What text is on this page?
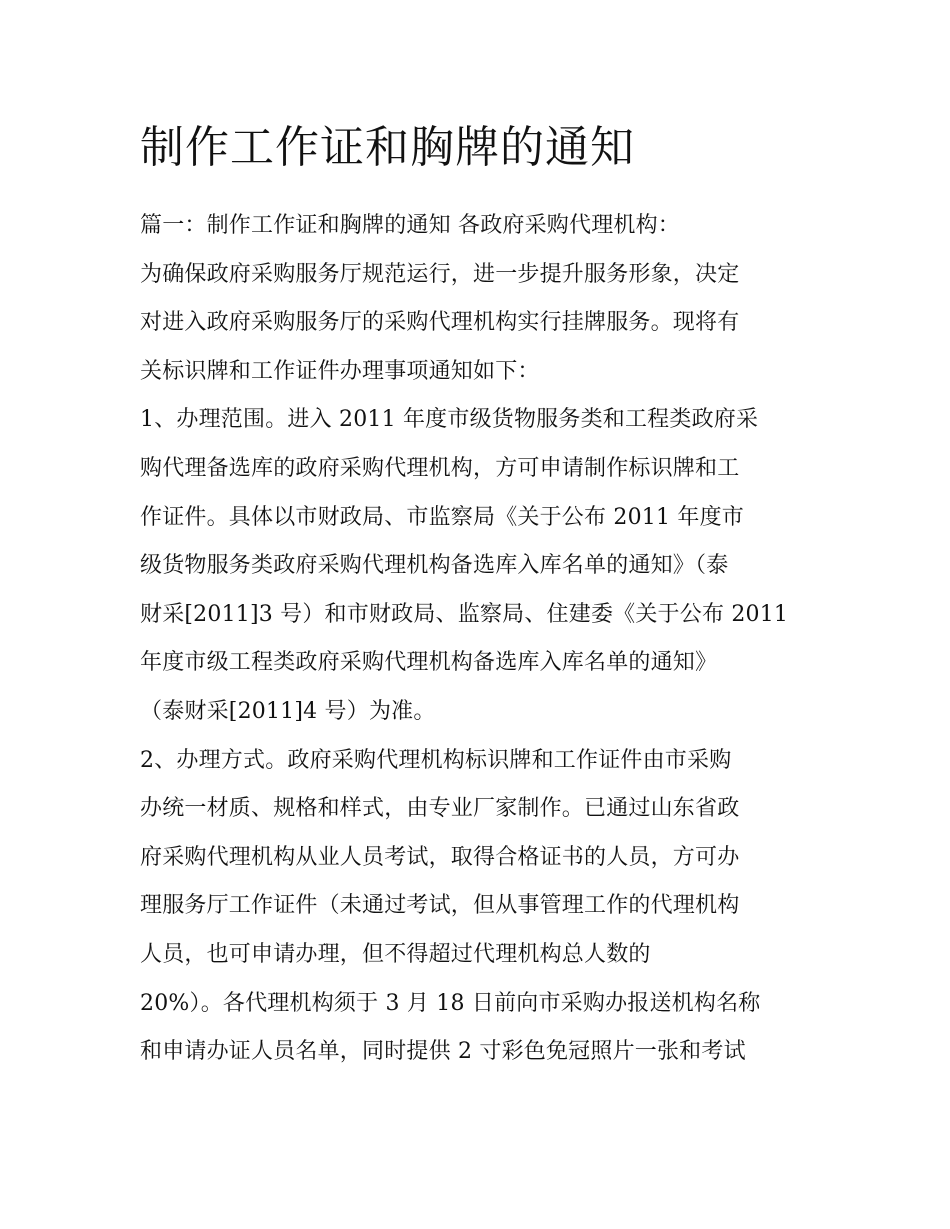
制作工作证和胸牌的通知
篇一：制作工作证和胸牌的通知 各政府采购代理机构：
为确保政府采购服务厅规范运行，进一步提升服务形象，决定
对进入政府采购服务厅的采购代理机构实行挂牌服务。现将有
关标识牌和工作证件办理事项通知如下：
1、办理范围。进入 2011 年度市级货物服务类和工程类政府采
购代理备选库的政府采购代理机构，方可申请制作标识牌和工
作证件。具体以市财政局、市监察局《关于公布 2011 年度市
级货物服务类政府采购代理机构备选库入库名单的通知》（泰
财采[2011]3 号）和市财政局、监察局、住建委《关于公布 2011
年度市级工程类政府采购代理机构备选库入库名单的通知》
（泰财采[2011]4 号）为准。
2、办理方式。政府采购代理机构标识牌和工作证件由市采购
办统一材质、规格和样式，由专业厂家制作。已通过山东省政
府采购代理机构从业人员考试，取得合格证书的人员，方可办
理服务厅工作证件（未通过考试，但从事管理工作的代理机构
人员，也可申请办理，但不得超过代理机构总人数的
20%）。各代理机构须于 3 月 18 日前向市采购办报送机构名称
和申请办证人员名单，同时提供 2 寸彩色免冠照片一张和考试
